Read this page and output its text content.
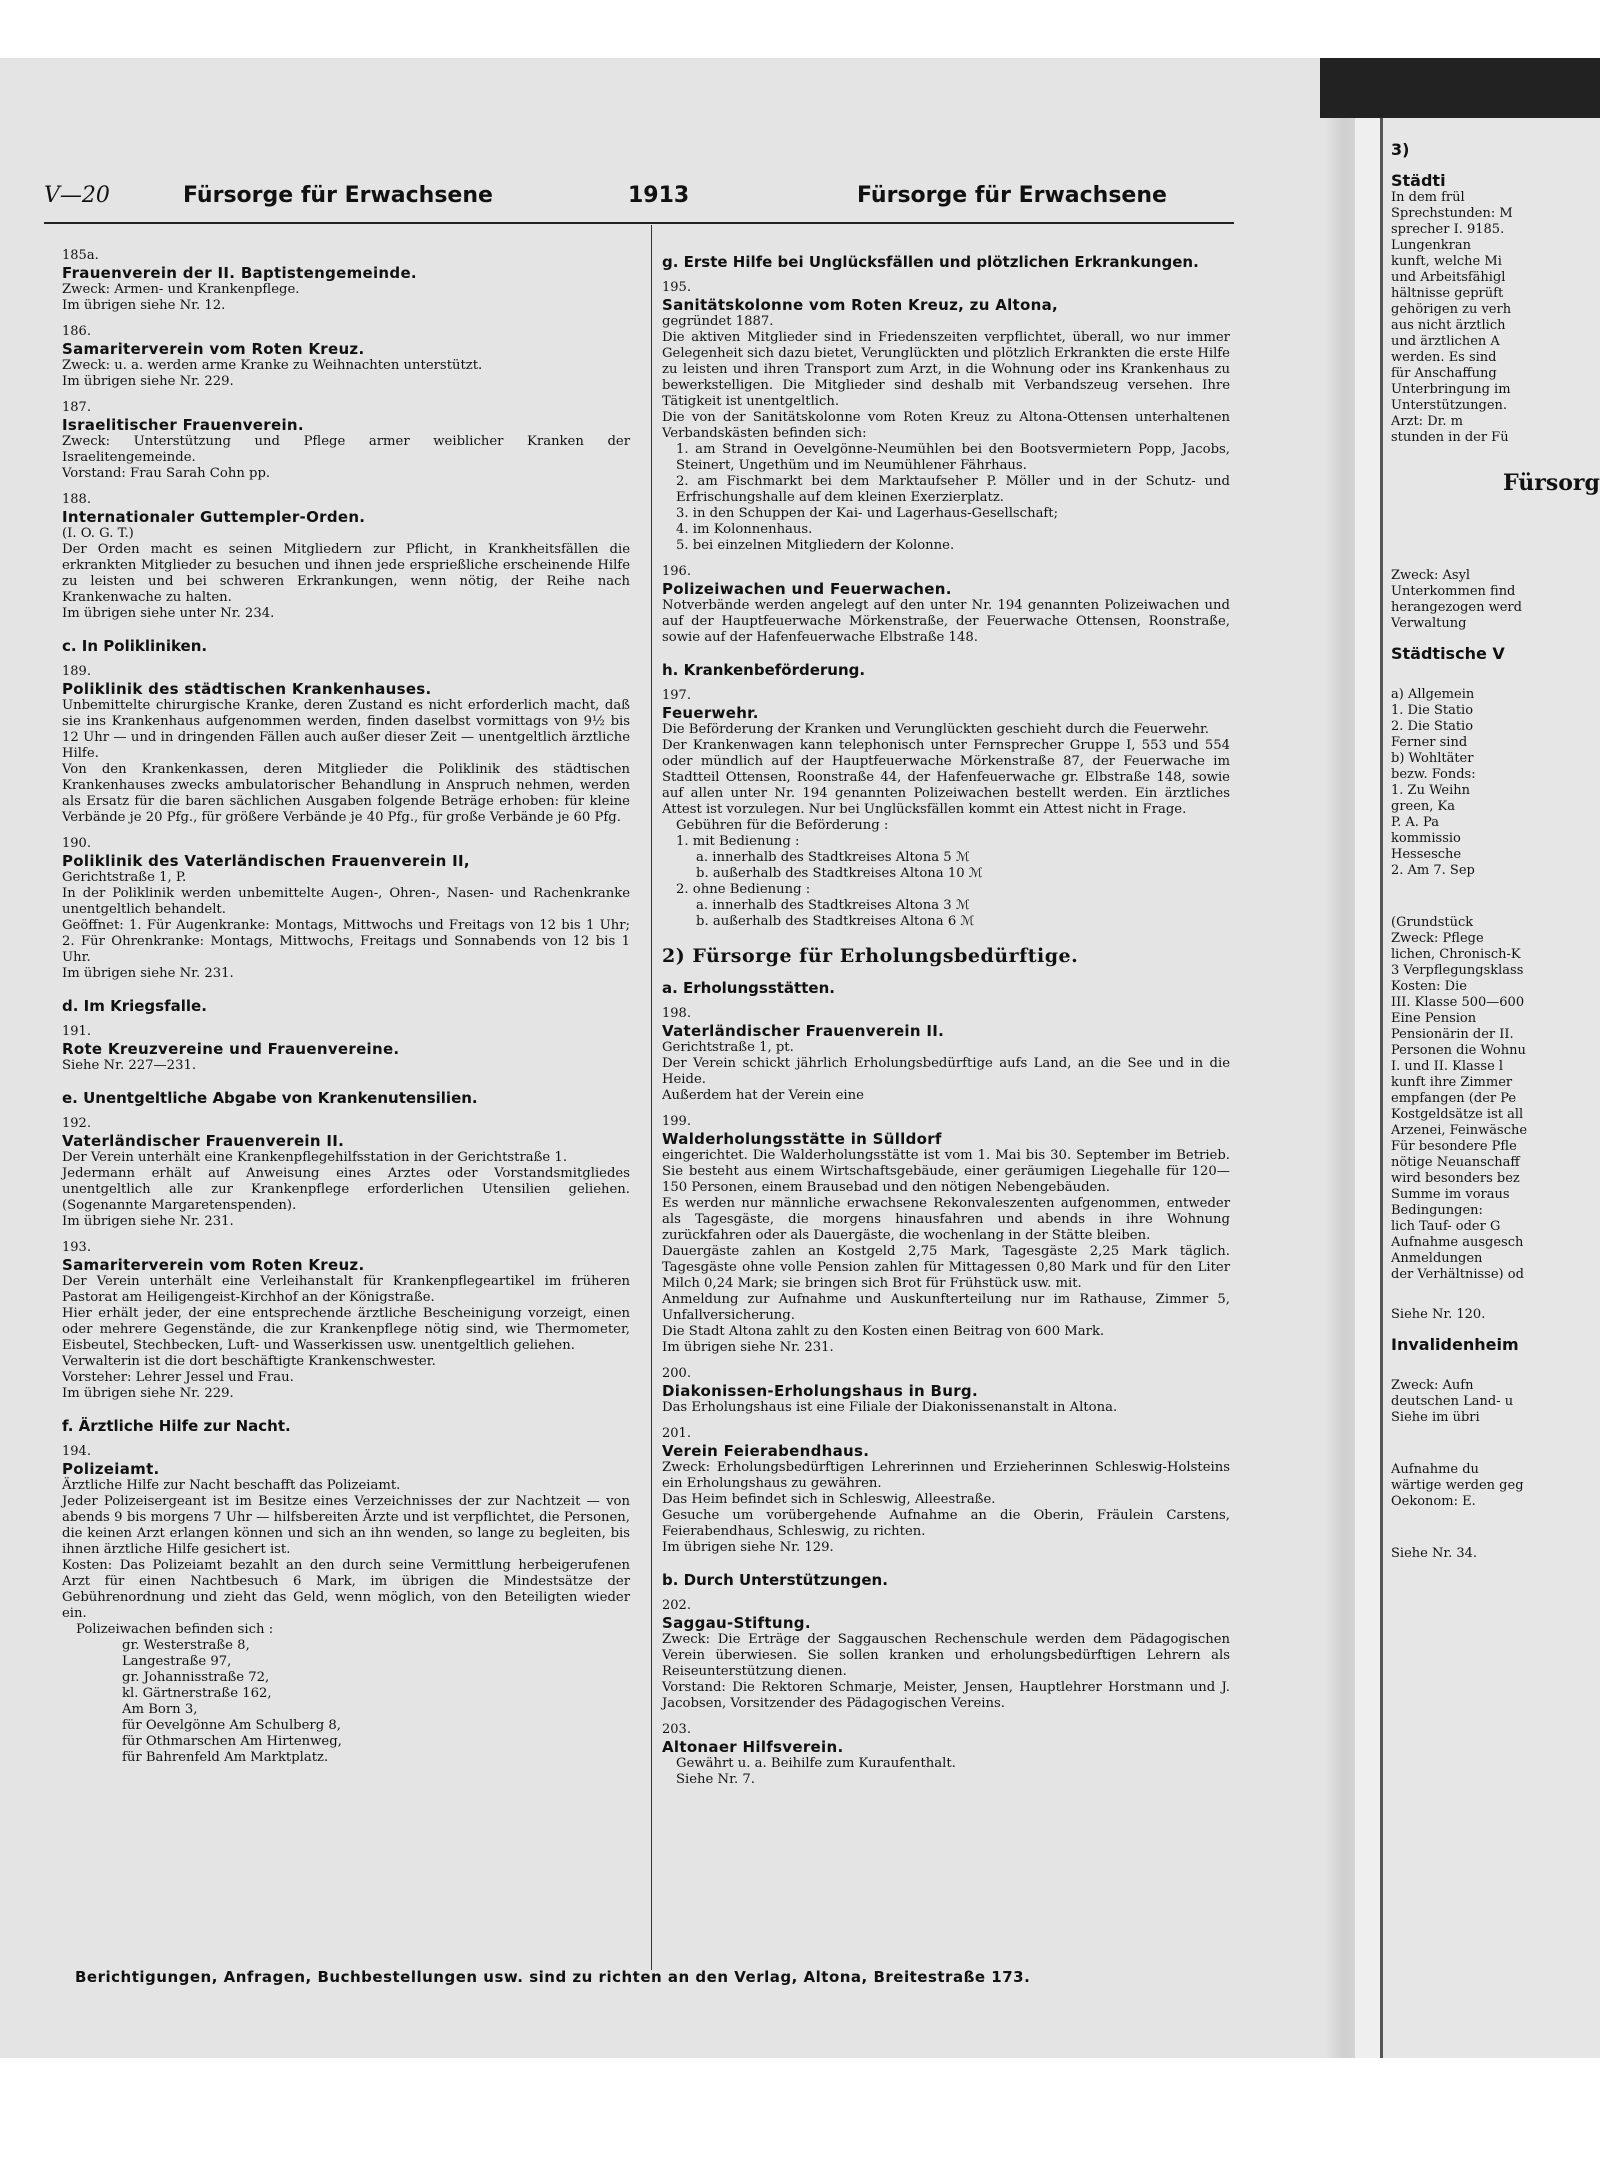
3)
Städti
In dem frül
Sprechstunden: M
sprecher I. 9185.
Lungenkran
kunft, welche Mi
und Arbeitsfähigl
hältnisse geprüft
gehörigen zu verh
aus nicht ärztlich
und ärztlichen A
werden. Es sind
für Anschaffung
Unterbringung im
Unterstützungen.
Arzt: Dr. m
stunden in der Fü
Fürsorg
Zweck: Asyl
Unterkommen find
herangezogen werd
Verwaltung
Städtische V
a) Allgemein
1. Die Statio
2. Die Statio
Ferner sind
b) Wohltäter
bezw. Fonds:
1. Zu Weihn
green, Ka
P. A. Pa
kommissio
Hessesche
2. Am 7. Sep
(Grundstück
Zweck: Pflege
lichen, Chronisch-K
3 Verpflegungsklass
Kosten: Die
III. Klasse 500—600
Eine Pension
Pensionärin der II.
Personen die Wohnu
I. und II. Klasse l
kunft ihre Zimmer
empfangen (der Pe
Kostgeldsätze ist all
Arzenei, Feinwäsche
Für besondere Pfle
nötige Neuanschaff
wird besonders bez
Summe im voraus
Bedingungen:
lich Tauf- oder G
Aufnahme ausgesch
Anmeldungen
der Verhältnisse) od
Siehe Nr. 120.
Invalidenheim
Zweck: Aufn
deutschen Land- u
Siehe im übri
Aufnahme du
wärtige werden geg
Oekonom: E.
Siehe Nr. 34.
V—20	Fürsorge für Erwachsene	1913	Fürsorge für Erwachsene

185a.

Frauenverein der II. Baptistengemeinde.

Zweck: Armen- und Krankenpflege.

Im übrigen siehe Nr. 12.

186.

Samariterverein vom Roten Kreuz.

Zweck: u. a. werden arme Kranke zu Weihnachten unterstützt.

Im übrigen siehe Nr. 229.

187.

Israelitischer Frauenverein.

Zweck: Unterstützung und Pflege armer weiblicher Kranken der Israelitengemeinde.

Vorstand: Frau Sarah Cohn pp.

188.

Internationaler Guttempler-Orden.

(I. O. G. T.)

Der Orden macht es seinen Mitgliedern zur Pflicht, in Krankheitsfällen die erkrankten Mitglieder zu besuchen und ihnen jede ersprießliche erscheinende Hilfe zu leisten und bei schweren Erkrankungen, wenn nötig, der Reihe nach Krankenwache zu halten.

Im übrigen siehe unter Nr. 234.

c. In Polikliniken.

189.

Poliklinik des städtischen Krankenhauses.

Unbemittelte chirurgische Kranke, deren Zustand es nicht erforderlich macht, daß sie ins Krankenhaus aufgenommen werden, finden daselbst vormittags von 9½ bis 12 Uhr — und in dringenden Fällen auch außer dieser Zeit — unentgeltlich ärztliche Hilfe.

Von den Krankenkassen, deren Mitglieder die Poliklinik des städtischen Krankenhauses zwecks ambulatorischer Behandlung in Anspruch nehmen, werden als Ersatz für die baren sächlichen Ausgaben folgende Beträge erhoben: für kleine Verbände je 20 Pfg., für größere Verbände je 40 Pfg., für große Verbände je 60 Pfg.

190.

Poliklinik des Vaterländischen Frauenverein II,

Gerichtstraße 1, P.

In der Poliklinik werden unbemittelte Augen-, Ohren-, Nasen- und Rachenkranke unentgeltlich behandelt.

Geöffnet: 1. Für Augenkranke: Montags, Mittwochs und Freitags von 12 bis 1 Uhr; 2. Für Ohrenkranke: Montags, Mittwochs, Freitags und Sonnabends von 12 bis 1 Uhr.

Im übrigen siehe Nr. 231.

d. Im Kriegsfalle.

191.

Rote Kreuzvereine und Frauenvereine.

Siehe Nr. 227—231.

e. Unentgeltliche Abgabe von Krankenutensilien.

192.

Vaterländischer Frauenverein II.

Der Verein unterhält eine Krankenpflegehilfsstation in der Gerichtstraße 1.

Jedermann erhält auf Anweisung eines Arztes oder Vorstandsmitgliedes unentgeltlich alle zur Krankenpflege erforderlichen Utensilien geliehen. (Sogenannte Margaretenspenden).

Im übrigen siehe Nr. 231.

193.

Samariterverein vom Roten Kreuz.

Der Verein unterhält eine Verleihanstalt für Krankenpflegeartikel im früheren Pastorat am Heiligengeist-Kirchhof an der Königstraße.

Hier erhält jeder, der eine entsprechende ärztliche Bescheinigung vorzeigt, einen oder mehrere Gegenstände, die zur Krankenpflege nötig sind, wie Thermometer, Eisbeutel, Stechbecken, Luft- und Wasserkissen usw. unentgeltlich geliehen.

Verwalterin ist die dort beschäftigte Krankenschwester.

Vorsteher: Lehrer Jessel und Frau.

Im übrigen siehe Nr. 229.

f. Ärztliche Hilfe zur Nacht.

194.

Polizeiamt.

Ärztliche Hilfe zur Nacht beschafft das Polizeiamt.

Jeder Polizeisergeant ist im Besitze eines Verzeichnisses der zur Nachtzeit — von abends 9 bis morgens 7 Uhr — hilfsbereiten Ärzte und ist verpflichtet, die Personen, die keinen Arzt erlangen können und sich an ihn wenden, so lange zu begleiten, bis ihnen ärztliche Hilfe gesichert ist.

Kosten: Das Polizeiamt bezahlt an den durch seine Vermittlung herbeigerufenen Arzt für einen Nachtbesuch 6 Mark, im übrigen die Mindestsätze der Gebührenordnung und zieht das Geld, wenn möglich, von den Beteiligten wieder ein.

Polizeiwachen befinden sich :

gr. Westerstraße 8,

Langestraße 97,

gr. Johannisstraße 72,

kl. Gärtnerstraße 162,

Am Born 3,

für Oevelgönne Am Schulberg 8,

für Othmarschen Am Hirtenweg,

für Bahrenfeld Am Marktplatz.

g. Erste Hilfe bei Unglücksfällen und plötzlichen Erkrankungen.

195.

Sanitätskolonne vom Roten Kreuz, zu Altona,

gegründet 1887.

Die aktiven Mitglieder sind in Friedenszeiten verpflichtet, überall, wo nur immer Gelegenheit sich dazu bietet, Verunglückten und plötzlich Erkrankten die erste Hilfe zu leisten und ihren Transport zum Arzt, in die Wohnung oder ins Krankenhaus zu bewerkstelligen. Die Mitglieder sind deshalb mit Verbandszeug versehen. Ihre Tätigkeit ist unentgeltlich.

Die von der Sanitätskolonne vom Roten Kreuz zu Altona-Ottensen unterhaltenen Verbandskästen befinden sich:

1. am Strand in Oevelgönne-Neumühlen bei den Bootsvermietern Popp, Jacobs, Steinert, Ungethüm und im Neumühlener Fährhaus.

2. am Fischmarkt bei dem Marktaufseher P. Möller und in der Schutz- und Erfrischungshalle auf dem kleinen Exerzierplatz.

3. in den Schuppen der Kai- und Lagerhaus-Gesellschaft;

4. im Kolonnenhaus.

5. bei einzelnen Mitgliedern der Kolonne.

196.

Polizeiwachen und Feuerwachen.

Notverbände werden angelegt auf den unter Nr. 194 genannten Polizeiwachen und auf der Hauptfeuerwache Mörkenstraße, der Feuerwache Ottensen, Roonstraße, sowie auf der Hafenfeuerwache Elbstraße 148.

h. Krankenbeförderung.

197.

Feuerwehr.

Die Beförderung der Kranken und Verunglückten geschieht durch die Feuerwehr.

Der Krankenwagen kann telephonisch unter Fernsprecher Gruppe I, 553 und 554 oder mündlich auf der Hauptfeuerwache Mörkenstraße 87, der Feuerwache im Stadtteil Ottensen, Roonstraße 44, der Hafenfeuerwache gr. Elbstraße 148, sowie auf allen unter Nr. 194 genannten Polizeiwachen bestellt werden. Ein ärztliches Attest ist vorzulegen. Nur bei Unglücksfällen kommt ein Attest nicht in Frage.

Gebühren für die Beförderung :

1. mit Bedienung :

a. innerhalb des Stadtkreises Altona 5 ℳ

b. außerhalb des Stadtkreises Altona 10 ℳ

2. ohne Bedienung :

a. innerhalb des Stadtkreises Altona 3 ℳ

b. außerhalb des Stadtkreises Altona 6 ℳ

2) Fürsorge für Erholungsbedürftige.

a. Erholungsstätten.

198.

Vaterländischer Frauenverein II.

Gerichtstraße 1, pt.

Der Verein schickt jährlich Erholungsbedürftige aufs Land, an die See und in die Heide.

Außerdem hat der Verein eine

199.

Walderholungsstätte in Sülldorf

eingerichtet. Die Walderholungsstätte ist vom 1. Mai bis 30. September im Betrieb. Sie besteht aus einem Wirtschaftsgebäude, einer geräumigen Liegehalle für 120—150 Personen, einem Brausebad und den nötigen Nebengebäuden.

Es werden nur männliche erwachsene Rekonvaleszenten aufgenommen, entweder als Tagesgäste, die morgens hinausfahren und abends in ihre Wohnung zurückfahren oder als Dauergäste, die wochenlang in der Stätte bleiben.

Dauergäste zahlen an Kostgeld 2,75 Mark, Tagesgäste 2,25 Mark täglich. Tagesgäste ohne volle Pension zahlen für Mittagessen 0,80 Mark und für den Liter Milch 0,24 Mark; sie bringen sich Brot für Frühstück usw. mit.

Anmeldung zur Aufnahme und Auskunfterteilung nur im Rathause, Zimmer 5, Unfallversicherung.

Die Stadt Altona zahlt zu den Kosten einen Beitrag von 600 Mark.

Im übrigen siehe Nr. 231.

200.

Diakonissen-Erholungshaus in Burg.

Das Erholungshaus ist eine Filiale der Diakonissenanstalt in Altona.

201.

Verein Feierabendhaus.

Zweck: Erholungsbedürftigen Lehrerinnen und Erzieherinnen Schleswig-Holsteins ein Erholungshaus zu gewähren.

Das Heim befindet sich in Schleswig, Alleestraße.

Gesuche um vorübergehende Aufnahme an die Oberin, Fräulein Carstens, Feierabendhaus, Schleswig, zu richten.

Im übrigen siehe Nr. 129.

b. Durch Unterstützungen.

202.

Saggau-Stiftung.

Zweck: Die Erträge der Saggauschen Rechenschule werden dem Pädagogischen Verein überwiesen. Sie sollen kranken und erholungsbedürftigen Lehrern als Reiseunterstützung dienen.

Vorstand: Die Rektoren Schmarje, Meister, Jensen, Hauptlehrer Horstmann und J. Jacobsen, Vorsitzender des Pädagogischen Vereins.

203.

Altonaer Hilfsverein.

Gewährt u. a. Beihilfe zum Kuraufenthalt.

Siehe Nr. 7.

Berichtigungen, Anfragen, Buchbestellungen usw. sind zu richten an den Verlag, Altona, Breitestraße 173.
